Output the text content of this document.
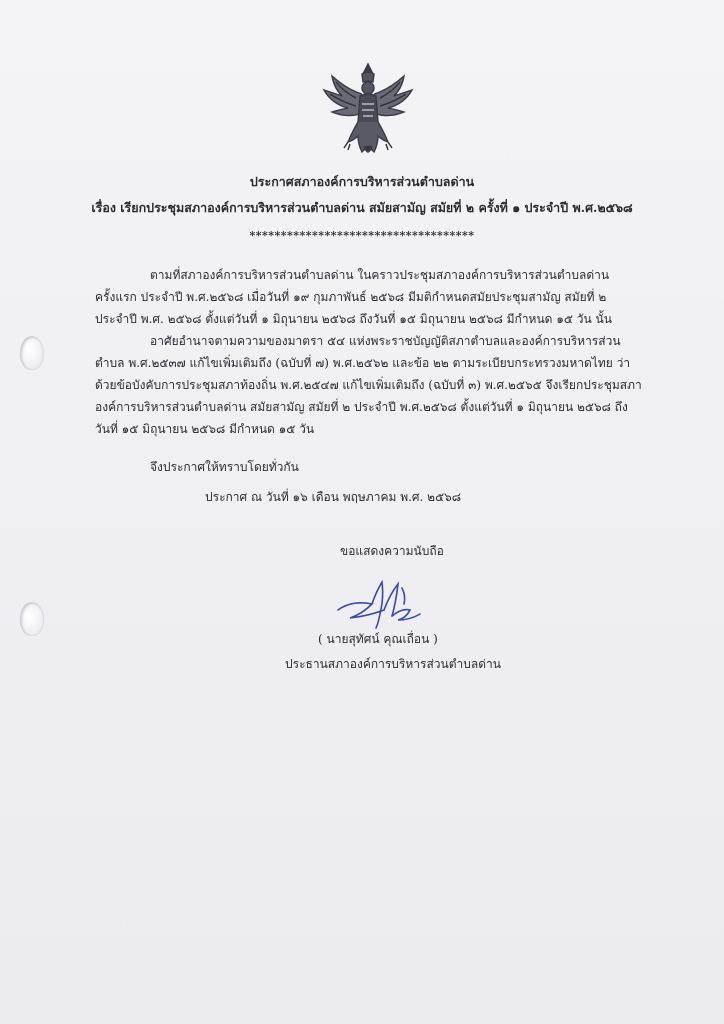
ประกาศสภาองค์การบริหารส่วนตำบลด่าน
เรื่อง เรียกประชุมสภาองค์การบริหารส่วนตำบลด่าน สมัยสามัญ สมัยที่ ๒ ครั้งที่ ๑ ประจำปี พ.ศ.๒๕๖๘
************************************
ตามที่สภาองค์การบริหารส่วนตำบลด่าน ในคราวประชุมสภาองค์การบริหารส่วนตำบลด่าน
ครั้งแรก ประจำปี พ.ศ.๒๕๖๘ เมื่อวันที่ ๑๙ กุมภาพันธ์ ๒๕๖๘ มีมติกำหนดสมัยประชุมสามัญ สมัยที่ ๒
ประจำปี พ.ศ. ๒๕๖๘ ตั้งแต่วันที่ ๑ มิถุนายน ๒๕๖๘ ถึงวันที่ ๑๕ มิถุนายน ๒๕๖๘ มีกำหนด ๑๕ วัน นั้น
อาศัยอำนาจตามความของมาตรา ๕๔ แห่งพระราชบัญญัติสภาตำบลและองค์การบริหารส่วน
ตำบล พ.ศ.๒๕๓๗ แก้ไขเพิ่มเติมถึง (ฉบับที่ ๗) พ.ศ.๒๕๖๒ และข้อ ๒๒ ตามระเบียบกระทรวงมหาดไทย ว่า
ด้วยข้อบังคับการประชุมสภาท้องถิ่น พ.ศ.๒๕๔๗ แก้ไขเพิ่มเติมถึง (ฉบับที่ ๓) พ.ศ.๒๕๖๕ จึงเรียกประชุมสภา
องค์การบริหารส่วนตำบลด่าน สมัยสามัญ สมัยที่ ๒ ประจำปี พ.ศ.๒๕๖๘ ตั้งแต่วันที่ ๑ มิถุนายน ๒๕๖๘ ถึง
วันที่ ๑๕ มิถุนายน ๒๕๖๘ มีกำหนด ๑๕ วัน
จึงประกาศให้ทราบโดยทั่วกัน
ประกาศ ณ วันที่ ๑๖ เดือน พฤษภาคม พ.ศ. ๒๕๖๘
ขอแสดงความนับถือ
( นายสุทัศน์ คุณเถื่อน )
ประธานสภาองค์การบริหารส่วนตำบลด่าน
